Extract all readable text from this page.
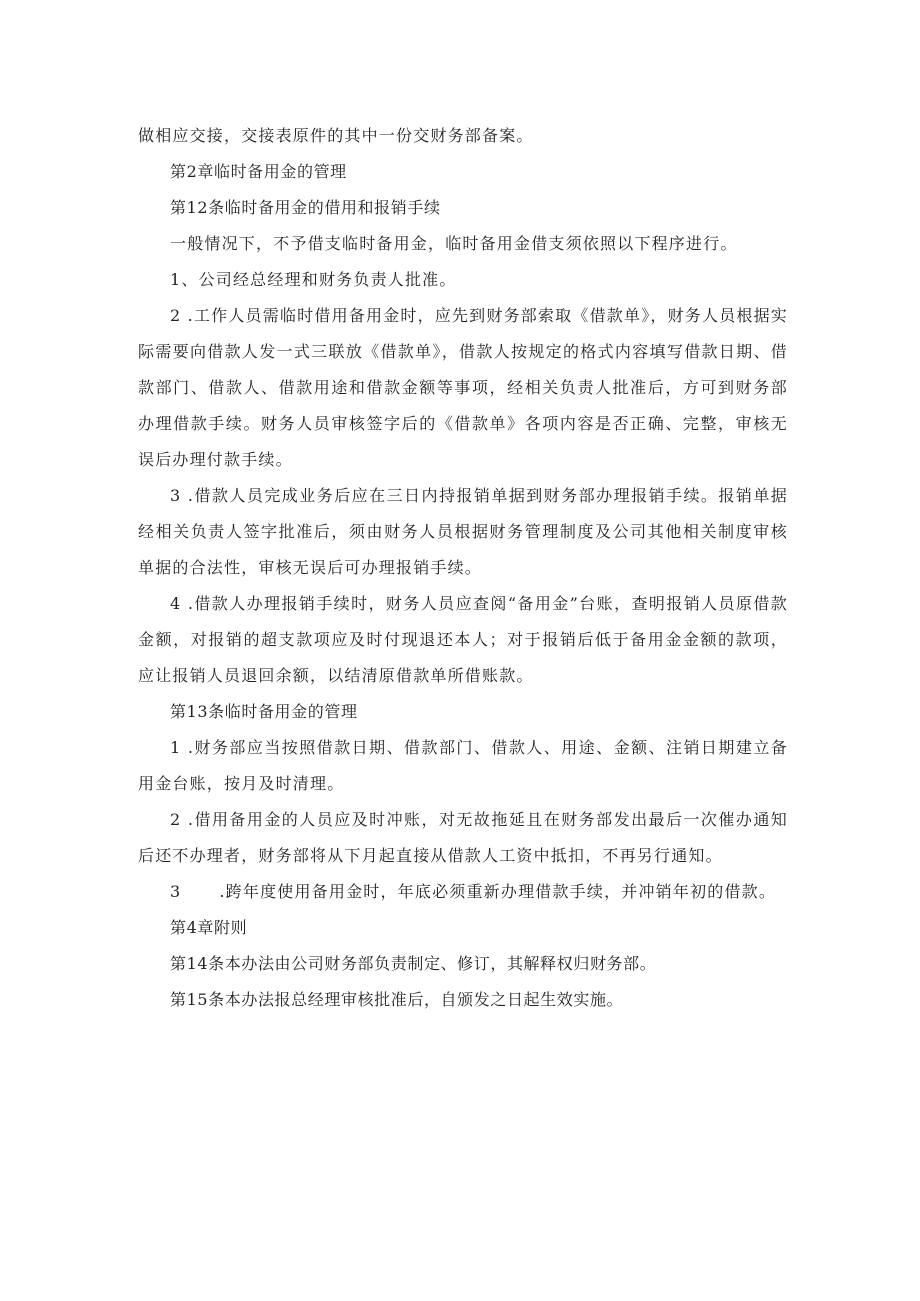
做相应交接，交接表原件的其中一份交财务部备案。

第2章临时备用金的管理

第12条临时备用金的借用和报销手续

一般情况下，不予借支临时备用金，临时备用金借支须依照以下程序进行。

1、公司经总经理和财务负责人批准。

2 .工作人员需临时借用备用金时，应先到财务部索取《借款单》，财务人员根据实际需要向借款人发一式三联放《借款单》，借款人按规定的格式内容填写借款日期、借款部门、借款人、借款用途和借款金额等事项，经相关负责人批准后，方可到财务部办理借款手续。财务人员审核签字后的《借款单》各项内容是否正确、完整，审核无误后办理付款手续。

3 .借款人员完成业务后应在三日内持报销单据到财务部办理报销手续。报销单据经相关负责人签字批准后，须由财务人员根据财务管理制度及公司其他相关制度审核单据的合法性，审核无误后可办理报销手续。

4 .借款人办理报销手续时，财务人员应查阅“备用金”台账，查明报销人员原借款金额，对报销的超支款项应及时付现退还本人；对于报销后低于备用金金额的款项，应让报销人员退回余额，以结清原借款单所借账款。

第13条临时备用金的管理

1 .财务部应当按照借款日期、借款部门、借款人、用途、金额、注销日期建立备用金台账，按月及时清理。

2 .借用备用金的人员应及时冲账，对无故拖延且在财务部发出最后一次催办通知后还不办理者，财务部将从下月起直接从借款人工资中抵扣，不再另行通知。

3 .跨年度使用备用金时，年底必须重新办理借款手续，并冲销年初的借款。

第4章附则

第14条本办法由公司财务部负责制定、修订，其解释权归财务部。

第15条本办法报总经理审核批准后，自颁发之日起生效实施。
